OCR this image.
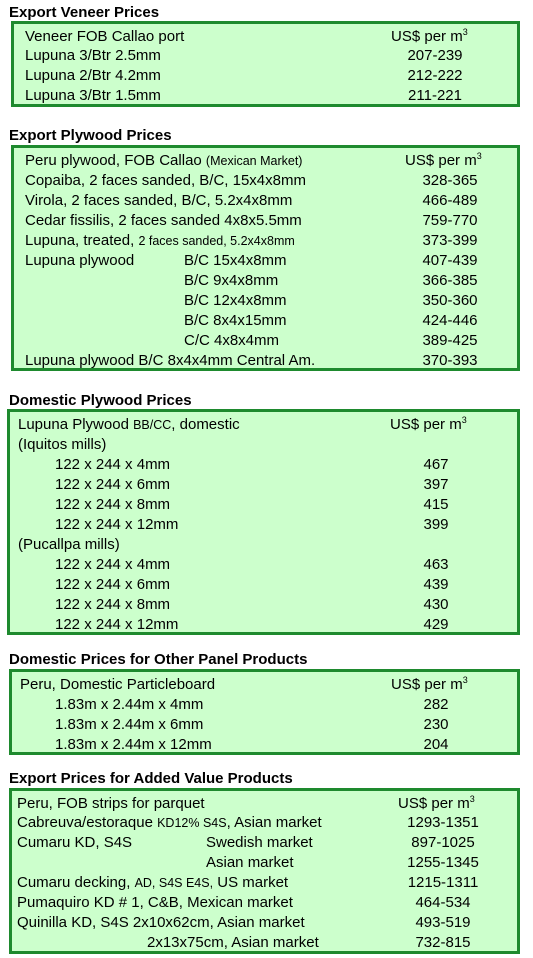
Export Veneer Prices
Veneer FOB Callao port	US$ per $m^3$
Lupuna 3/Btr 2.5mm	207-239
Lupuna 2/Btr 4.2mm	212-222
Lupuna 3/Btr 1.5mm	211-221
Export Plywood Prices
Peru plywood, FOB Callao (Mexican Market)	US$ per $m^3$
Copaiba, 2 faces sanded, B/C, 15x4x8mm	328-365
Virola, 2 faces sanded, B/C, 5.2x4x8mm	466-489
Cedar fissilis, 2 faces sanded 4x8x5.5mm	759-770
Lupuna, treated, 2 faces sanded, 5.2x4x8mm	373-399
Lupuna plywood	B/C 15x4x8mm	407-439
B/C 9x4x8mm	366-385
B/C 12x4x8mm	350-360
B/C 8x4x15mm	424-446
C/C 4x8x4mm	389-425
Lupuna plywood B/C 8x4x4mm Central Am.	370-393
Domestic Plywood Prices
Lupuna Plywood BB/CC, domestic	US$ per $m^3$
(Iquitos mills)
122 x 244 x 4mm	467
122 x 244 x 6mm	397
122 x 244 x 8mm	415
122 x 244 x 12mm	399
(Pucallpa mills)
122 x 244 x 4mm	463
122 x 244 x 6mm	439
122 x 244 x 8mm	430
122 x 244 x 12mm	429
Domestic Prices for Other Panel Products
Peru, Domestic Particleboard	US$ per $m^3$
1.83m x 2.44m x 4mm	282
1.83m x 2.44m x 6mm	230
1.83m x 2.44m x 12mm	204
Export Prices for Added Value Products
Peru, FOB strips for parquet	US$ per $m^3$
Cabreuva/estoraque KD12% S4S, Asian market	1293-1351
Cumaru KD, S4S	Swedish market	897-1025
Asian market	1255-1345
Cumaru decking, AD, S4S E4S, US market	1215-1311
Pumaquiro KD # 1, C&B, Mexican market	464-534
Quinilla KD, S4S 2x10x62cm, Asian market	493-519
2x13x75cm, Asian market	732-815
